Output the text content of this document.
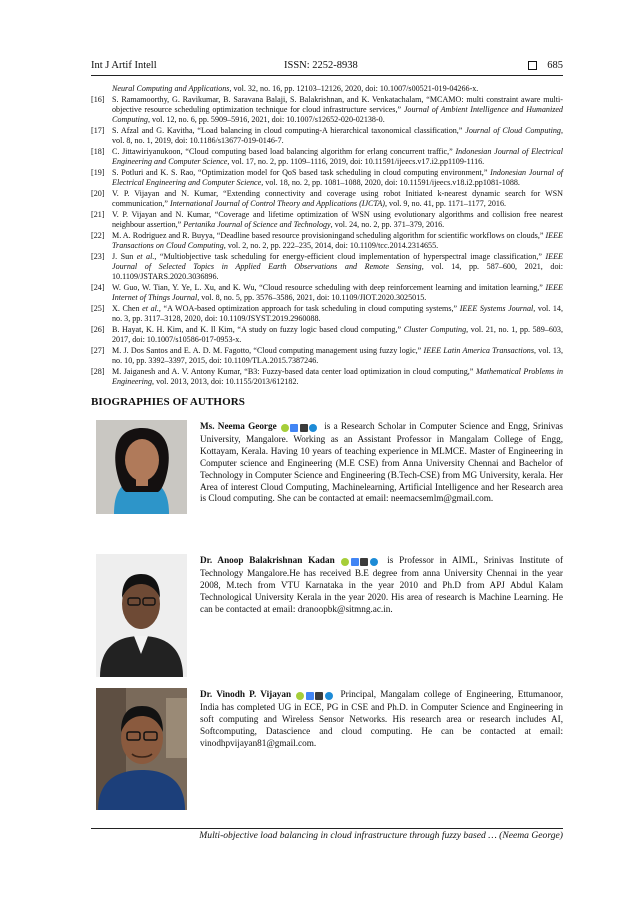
Int J Artif Intell	ISSN: 2252-8938	685
Neural Computing and Applications, vol. 32, no. 16, pp. 12103–12126, 2020, doi: 10.1007/s00521-019-04266-x.
[16] S. Ramamoorthy, G. Ravikumar, B. Saravana Balaji, S. Balakrishnan, and K. Venkatachalam, “MCAMO: multi constraint aware multi-objective resource scheduling optimization technique for cloud infrastructure services,” Journal of Ambient Intelligence and Humanized Computing, vol. 12, no. 6, pp. 5909–5916, 2021, doi: 10.1007/s12652-020-02138-0.
[17] S. Afzal and G. Kavitha, “Load balancing in cloud computing-A hierarchical taxonomical classification,” Journal of Cloud Computing, vol. 8, no. 1, 2019, doi: 10.1186/s13677-019-0146-7.
[18] C. Jittawiriyanukoon, “Cloud computing based load balancing algorithm for erlang concurrent traffic,” Indonesian Journal of Electrical Engineering and Computer Science, vol. 17, no. 2, pp. 1109–1116, 2019, doi: 10.11591/ijeecs.v17.i2.pp1109-1116.
[19] S. Potluri and K. S. Rao, “Optimization model for QoS based task scheduling in cloud computing environment,” Indonesian Journal of Electrical Engineering and Computer Science, vol. 18, no. 2, pp. 1081–1088, 2020, doi: 10.11591/ijeecs.v18.i2.pp1081-1088.
[20] V. P. Vijayan and N. Kumar, “Extending connectivity and coverage using robot Initiated k-nearest dynamic search for WSN communication,” International Journal of Control Theory and Applications (IJCTA), vol. 9, no. 41, pp. 1171–1177, 2016.
[21] V. P. Vijayan and N. Kumar, “Coverage and lifetime optimization of WSN using evolutionary algorithms and collision free nearest neighbour assertion,” Pertanika Journal of Science and Technology, vol. 24, no. 2, pp. 371–379, 2016.
[22] M. A. Rodriguez and R. Buyya, “Deadline based resource provisioningand scheduling algorithm for scientific workflows on clouds,” IEEE Transactions on Cloud Computing, vol. 2, no. 2, pp. 222–235, 2014, doi: 10.1109/tcc.2014.2314655.
[23] J. Sun et al., “Multiobjective task scheduling for energy-efficient cloud implementation of hyperspectral image classification,” IEEE Journal of Selected Topics in Applied Earth Observations and Remote Sensing, vol. 14, pp. 587–600, 2021, doi: 10.1109/JSTARS.2020.3036896.
[24] W. Guo, W. Tian, Y. Ye, L. Xu, and K. Wu, “Cloud resource scheduling with deep reinforcement learning and imitation learning,” IEEE Internet of Things Journal, vol. 8, no. 5, pp. 3576–3586, 2021, doi: 10.1109/JIOT.2020.3025015.
[25] X. Chen et al., “A WOA-based optimization approach for task scheduling in cloud computing systems,” IEEE Systems Journal, vol. 14, no. 3, pp. 3117–3128, 2020, doi: 10.1109/JSYST.2019.2960088.
[26] B. Hayat, K. H. Kim, and K. Il Kim, “A study on fuzzy logic based cloud computing,” Cluster Computing, vol. 21, no. 1, pp. 589–603, 2017, doi: 10.1007/s10586-017-0953-x.
[27] M. J. Dos Santos and E. A. D. M. Fagotto, “Cloud computing management using fuzzy logic,” IEEE Latin America Transactions, vol. 13, no. 10, pp. 3392–3397, 2015, doi: 10.1109/TLA.2015.7387246.
[28] M. Jaiganesh and A. V. Antony Kumar, “B3: Fuzzy-based data center load optimization in cloud computing,” Mathematical Problems in Engineering, vol. 2013, 2013, doi: 10.1155/2013/612182.
BIOGRAPHIES OF AUTHORS
Ms. Neema George	is a Research Scholar in Computer Science and Engg, Srinivas University, Mangalore. Working as an Assistant Professor in Mangalam College of Engg, Kottayam, Kerala. Having 10 years of teaching experience in MLMCE. Master of Engineering in Computer science and Engineering (M.E CSE) from Anna University Chennai and Bachelor of Technology in Computer Science and Engineering (B.Tech-CSE) from MG University, kerala. Her Area of interest Cloud Computing, Machinelearning, Artificial Intelligence and her Research area is Cloud computing. She can be contacted at email: neemacsemlm@gmail.com.
Dr. Anoop Balakrishnan Kadan	is Professor in AIML, Srinivas Institute of Technology Mangalore.He has received B.E degree from anna University Chennai in the year 2008, M.tech from VTU Karnataka in the year 2010 and Ph.D from APJ Abdul Kalam Technological University Kerala in the year 2020. His area of research is Machine Learning. He can be contacted at email: dranoopbk@sitmng.ac.in.
Dr. Vinodh P. Vijayan	Principal, Mangalam college of Engineering, Ettumanoor, India has completed UG in ECE, PG in CSE and Ph.D. in Computer Science and Engineering in soft computing and Wireless Sensor Networks. His research area or research includes AI, Softcomputing, Datascience and cloud computing. He can be contacted at email: vinodhpvijayan81@gmail.com.
Multi-objective load balancing in cloud infrastructure through fuzzy based … (Neema George)
